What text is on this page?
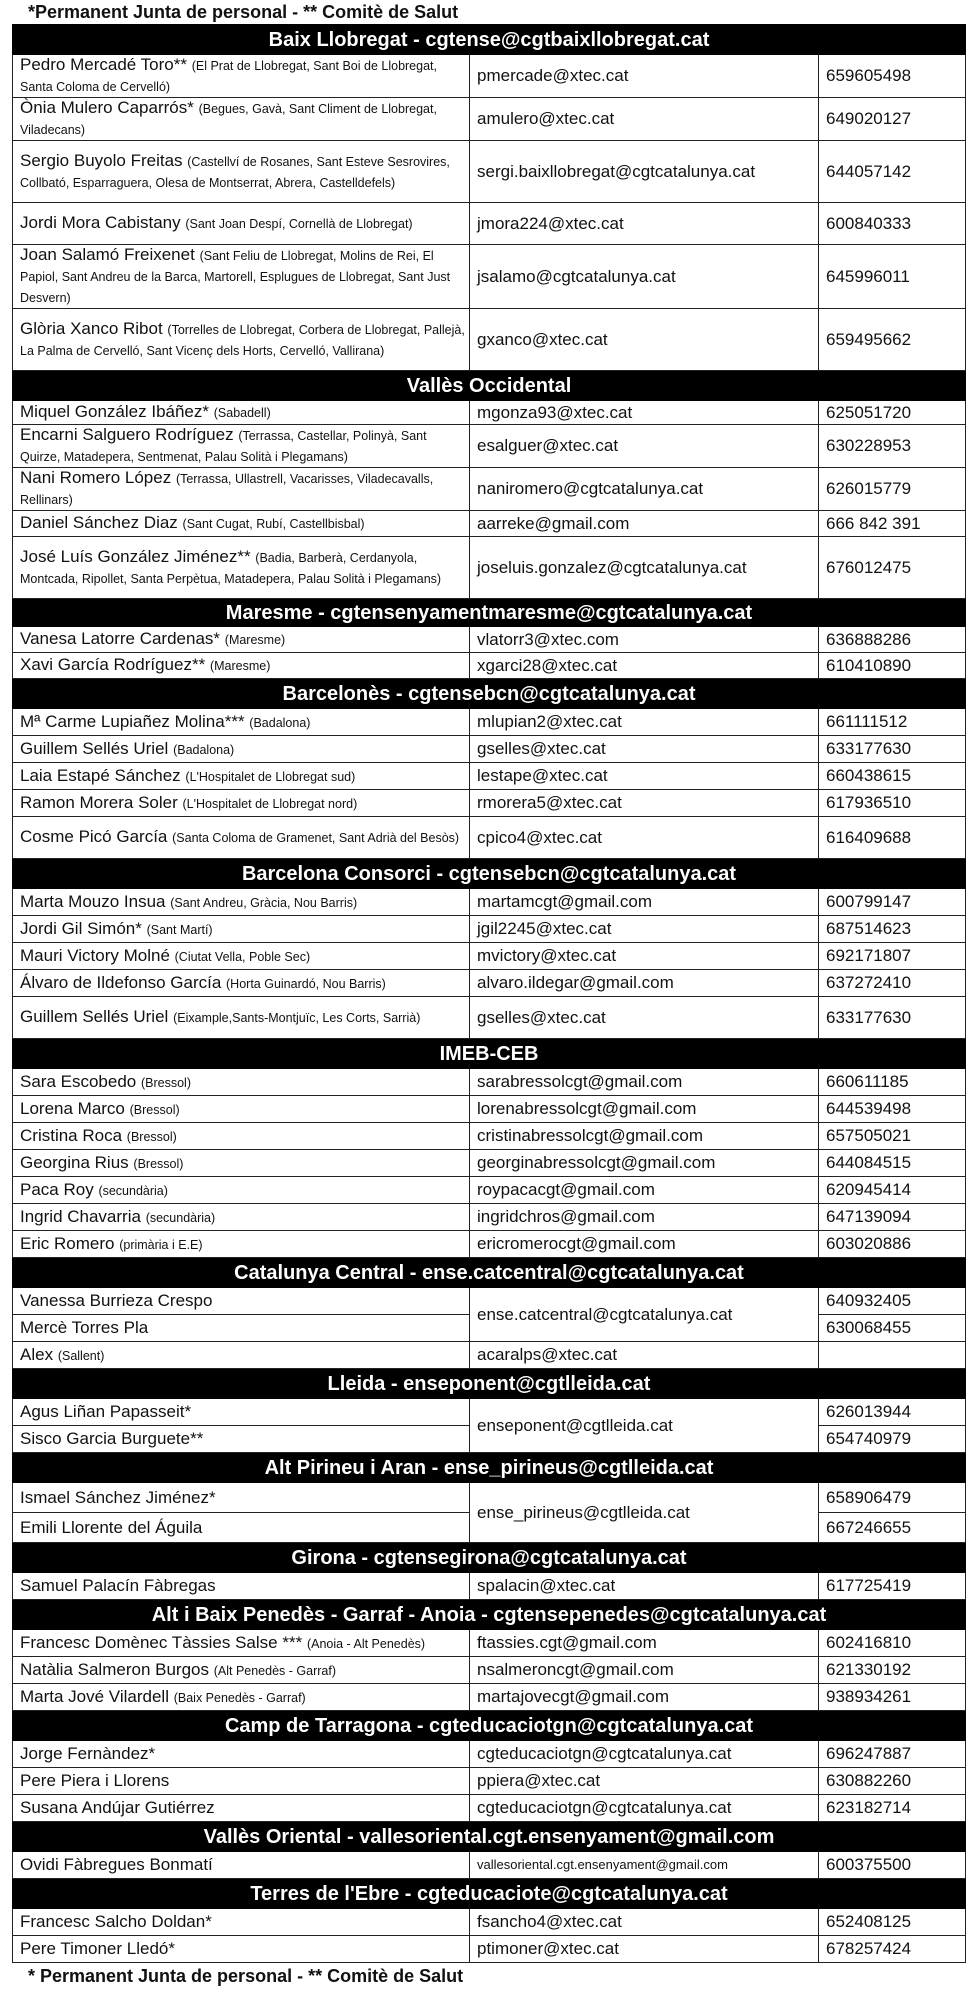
*Permanent Junta de personal - ** Comitè de Salut
Baix Llobregat - cgtense@cgtbaixllobregat.cat		
Pedro Mercadé Toro** (El Prat de Llobregat, Sant Boi de Llobregat, Santa Coloma de Cervelló)	pmercade@xtec.cat	659605498
Ònia Mulero Caparrós* (Begues, Gavà, Sant Climent de Llobregat, Viladecans)	amulero@xtec.cat	649020127
Sergio Buyolo Freitas (Castellví de Rosanes, Sant Esteve Sesrovires, Collbató, Esparraguera, Olesa de Montserrat, Abrera, Castelldefels)	sergi.baixllobregat@cgtcatalunya.cat	644057142
Jordi Mora Cabistany (Sant Joan Despí, Cornellà de Llobregat)	jmora224@xtec.cat	600840333
Joan Salamó Freixenet (Sant Feliu de Llobregat, Molins de Rei, El Papiol, Sant Andreu de la Barca, Martorell, Esplugues de Llobregat, Sant Just Desvern)	jsalamo@cgtcatalunya.cat	645996011
Glòria Xanco Ribot (Torrelles de Llobregat, Corbera de Llobregat, Pallejà, La Palma de Cervelló, Sant Vicenç dels Horts, Cervelló, Vallirana)	gxanco@xtec.cat	659495662
Vallès Occidental		
Miquel González Ibáñez* (Sabadell)	mgonza93@xtec.cat	625051720
Encarni Salguero Rodríguez (Terrassa, Castellar, Polinyà, Sant Quirze, Matadepera, Sentmenat, Palau Solità i Plegamans)	esalguer@xtec.cat	630228953
Nani Romero López (Terrassa, Ullastrell, Vacarisses, Viladecavalls, Rellinars)	naniromero@cgtcatalunya.cat	626015779
Daniel Sánchez Diaz (Sant Cugat, Rubí, Castellbisbal)	aarreke@gmail.com	666 842 391
José Luís González Jiménez** (Badia, Barberà, Cerdanyola, Montcada, Ripollet, Santa Perpètua, Matadepera, Palau Solità i Plegamans)	joseluis.gonzalez@cgtcatalunya.cat	676012475
Maresme - cgtensenyamentmaresme@cgtcatalunya.cat		
Vanesa Latorre Cardenas* (Maresme)	vlatorr3@xtec.com	636888286
Xavi García Rodríguez** (Maresme)	xgarci28@xtec.cat	610410890
Barcelonès - cgtensebcn@cgtcatalunya.cat		
Mª Carme Lupiañez Molina*** (Badalona)	mlupian2@xtec.cat	661111512
Guillem Sellés Uriel (Badalona)	gselles@xtec.cat	633177630
Laia Estapé Sánchez (L'Hospitalet de Llobregat sud)	lestape@xtec.cat	660438615
Ramon Morera Soler (L'Hospitalet de Llobregat nord)	rmorera5@xtec.cat	617936510
Cosme Picó García (Santa Coloma de Gramenet, Sant Adrià del Besòs)	cpico4@xtec.cat	616409688
Barcelona Consorci - cgtensebcn@cgtcatalunya.cat		
Marta Mouzo Insua (Sant Andreu, Gràcia, Nou Barris)	martamcgt@gmail.com	600799147
Jordi Gil Simón* (Sant Martí)	jgil2245@xtec.cat	687514623
Mauri Victory Molné (Ciutat Vella, Poble Sec)	mvictory@xtec.cat	692171807
Álvaro de Ildefonso García (Horta Guinardó, Nou Barris)	alvaro.ildegar@gmail.com	637272410
Guillem Sellés Uriel (Eixample,Sants-Montjuïc, Les Corts, Sarrià)	gselles@xtec.cat	633177630
IMEB-CEB		
Sara Escobedo (Bressol)	sarabressolcgt@gmail.com	660611185
Lorena Marco (Bressol)	lorenabressolcgt@gmail.com	644539498
Cristina Roca (Bressol)	cristinabressolcgt@gmail.com	657505021
Georgina Rius (Bressol)	georginabressolcgt@gmail.com	644084515
Paca Roy (secundària)	roypacacgt@gmail.com	620945414
Ingrid Chavarria (secundària)	ingridchros@gmail.com	647139094
Eric Romero (primària i E.E)	ericromerocgt@gmail.com	603020886
Catalunya Central - ense.catcentral@cgtcatalunya.cat		
Vanessa Burrieza Crespo	ense.catcentral@cgtcatalunya.cat	640932405
Mercè Torres Pla		630068455
Alex (Sallent)	acaralps@xtec.cat	
Lleida - enseponent@cgtlleida.cat		
Agus Liñan Papasseit*	enseponent@cgtlleida.cat	626013944
Sisco Garcia Burguete**		654740979
Alt Pirineu i Aran - ense_pirineus@cgtlleida.cat		
Ismael Sánchez Jiménez*	ense_pirineus@cgtlleida.cat	658906479
Emili Llorente del Águila		667246655
Girona - cgtensegirona@cgtcatalunya.cat		
Samuel Palacín Fàbregas	spalacin@xtec.cat	617725419
Alt i Baix Penedès - Garraf - Anoia - cgtensepenedes@cgtcatalunya.cat		
Francesc Domènec Tàssies Salse *** (Anoia - Alt Penedès)	ftassies.cgt@gmail.com	602416810
Natàlia Salmeron Burgos (Alt Penedès - Garraf)	nsalmeroncgt@gmail.com	621330192
Marta Jové Vilardell (Baix Penedès - Garraf)	martajovecgt@gmail.com	938934261
Camp de Tarragona - cgteducaciotgn@cgtcatalunya.cat		
Jorge Fernàndez*	cgteducaciotgn@cgtcatalunya.cat	696247887
Pere Piera i Llorens	ppiera@xtec.cat	630882260
Susana Andújar Gutiérrez	cgteducaciotgn@cgtcatalunya.cat	623182714
Vallès Oriental - vallesoriental.cgt.ensenyament@gmail.com		
Ovidi Fàbregues Bonmatí	vallesoriental.cgt.ensenyament@gmail.com	600375500
Terres de l'Ebre - cgteducaciote@cgtcatalunya.cat		
Francesc Salcho Doldan*	fsancho4@xtec.cat	652408125
Pere Timoner Lledó*	ptimoner@xtec.cat	678257424
* Permanent Junta de personal - ** Comitè de Salut
